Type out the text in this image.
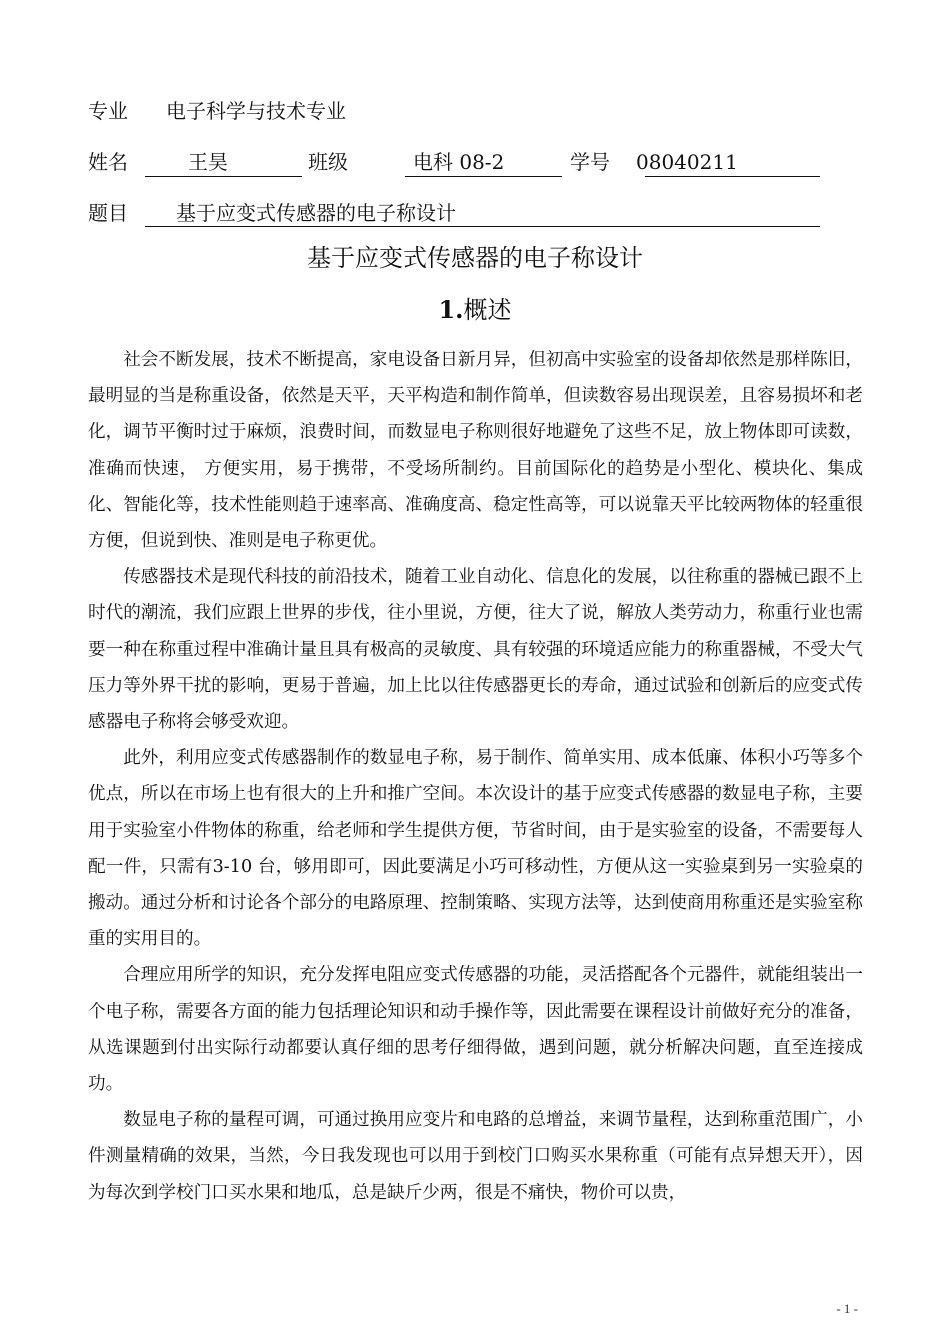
专业 电子科学与技术专业
姓名	王昊	班级	电科 08-2	学号 08040211
题目 基于应变式传感器的电子称设计
基于应变式传感器的电子称设计
1.概述

社会不断发展，技术不断提高，家电设备日新月异，但初高中实验室的设备却依然是那样陈旧，最明显的当是称重设备，依然是天平，天平构造和制作简单，但读数容易出现误差，且容易损坏和老化，调节平衡时过于麻烦，浪费时间，而数显电子称则很好地避免了这些不足，放上物体即可读数，准确而快速， 方便实用，易于携带，不受场所制约。目前国际化的趋势是小型化、模块化、集成化、智能化等，技术性能则趋于速率高、准确度高、稳定性高等，可以说靠天平比较两物体的轻重很方便，但说到快、准则是电子称更优。

传感器技术是现代科技的前沿技术，随着工业自动化、信息化的发展，以往称重的器械已跟不上时代的潮流，我们应跟上世界的步伐，往小里说，方便，往大了说，解放人类劳动力，称重行业也需要一种在称重过程中准确计量且具有极高的灵敏度、具有较强的环境适应能力的称重器械，不受大气压力等外界干扰的影响，更易于普遍，加上比以往传感器更长的寿命，通过试验和创新后的应变式传感器电子称将会够受欢迎。

此外，利用应变式传感器制作的数显电子称，易于制作、简单实用、成本低廉、体积小巧等多个优点，所以在市场上也有很大的上升和推广空间。本次设计的基于应变式传感器的数显电子称，主要用于实验室小件物体的称重，给老师和学生提供方便，节省时间，由于是实验室的设备，不需要每人配一件，只需有3-10 台，够用即可，因此要满足小巧可移动性，方便从这一实验桌到另一实验桌的搬动。通过分析和讨论各个部分的电路原理、控制策略、实现方法等，达到使商用称重还是实验室称重的实用目的。

合理应用所学的知识，充分发挥电阻应变式传感器的功能，灵活搭配各个元器件，就能组装出一个电子称，需要各方面的能力包括理论知识和动手操作等，因此需要在课程设计前做好充分的准备，从选课题到付出实际行动都要认真仔细的思考仔细得做，遇到问题，就分析解决问题，直至连接成功。

数显电子称的量程可调，可通过换用应变片和电路的总增益，来调节量程，达到称重范围广，小件测量精确的效果，当然，今日我发现也可以用于到校门口购买水果称重（可能有点异想天开），因为每次到学校门口买水果和地瓜，总是缺斤少两，很是不痛快，物价可以贵，

- 1 -
